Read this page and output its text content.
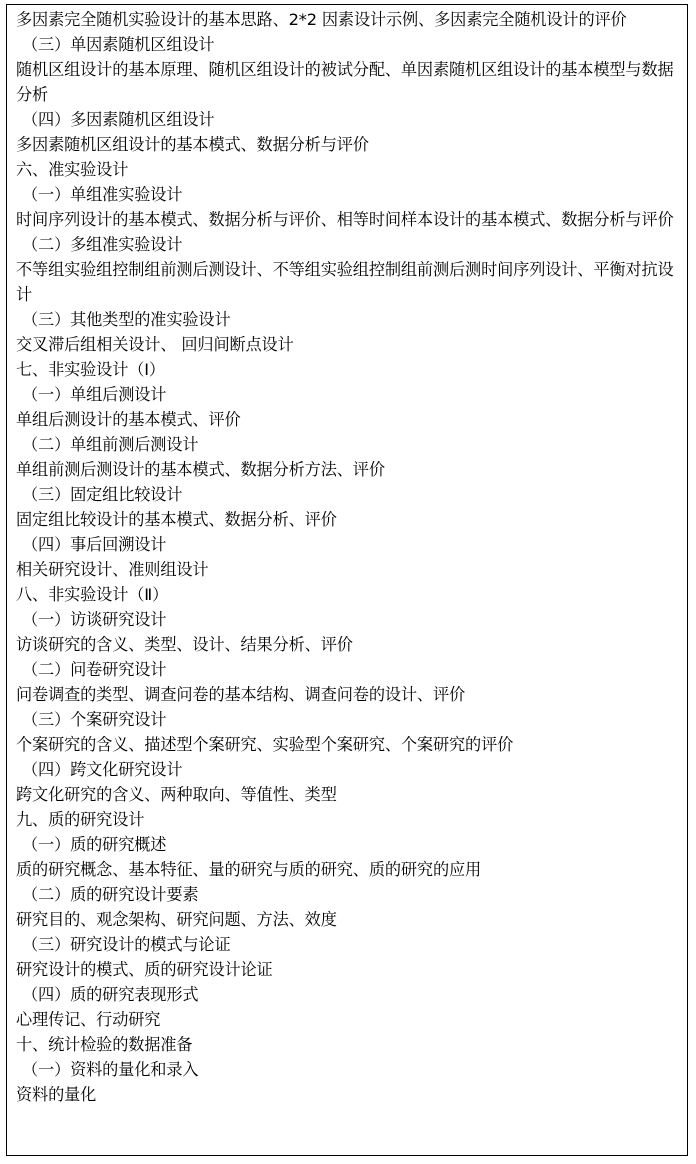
多因素完全随机实验设计的基本思路、2*2 因素设计示例、多因素完全随机设计的评价
（三）单因素随机区组设计
随机区组设计的基本原理、随机区组设计的被试分配、单因素随机区组设计的基本模型与数据分析
（四）多因素随机区组设计
多因素随机区组设计的基本模式、数据分析与评价
六、准实验设计
（一）单组准实验设计
时间序列设计的基本模式、数据分析与评价、相等时间样本设计的基本模式、数据分析与评价
（二）多组准实验设计
不等组实验组控制组前测后测设计、不等组实验组控制组前测后测时间序列设计、平衡对抗设计
（三）其他类型的准实验设计
交叉滞后组相关设计、 回归间断点设计
七、非实验设计（Ⅰ）
（一）单组后测设计
单组后测设计的基本模式、评价
（二）单组前测后测设计
单组前测后测设计的基本模式、数据分析方法、评价
（三）固定组比较设计
固定组比较设计的基本模式、数据分析、评价
（四）事后回溯设计
相关研究设计、准则组设计
八、非实验设计（Ⅱ）
（一）访谈研究设计
访谈研究的含义、类型、设计、结果分析、评价
（二）问卷研究设计
问卷调查的类型、调查问卷的基本结构、调查问卷的设计、评价
（三）个案研究设计
个案研究的含义、描述型个案研究、实验型个案研究、个案研究的评价
（四）跨文化研究设计
跨文化研究的含义、两种取向、等值性、类型
九、质的研究设计
（一）质的研究概述
质的研究概念、基本特征、量的研究与质的研究、质的研究的应用
（二）质的研究设计要素
研究目的、观念架构、研究问题、方法、效度
（三）研究设计的模式与论证
研究设计的模式、质的研究设计论证
（四）质的研究表现形式
心理传记、行动研究
十、统计检验的数据准备
（一）资料的量化和录入
资料的量化
